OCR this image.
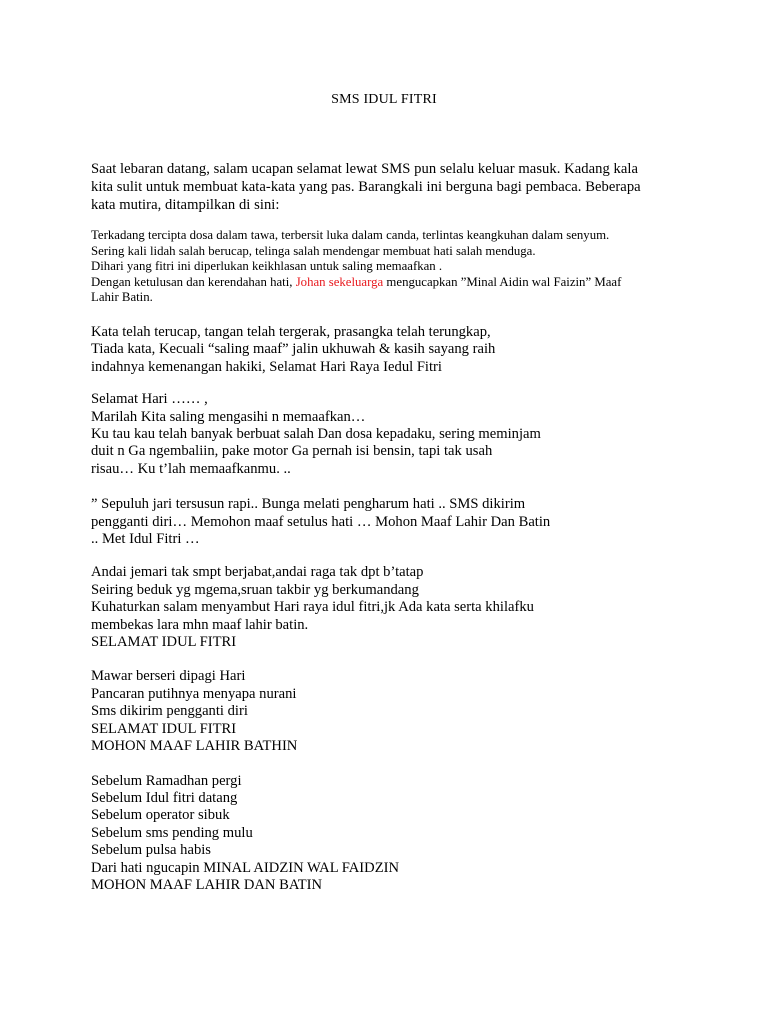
SMS IDUL FITRI

Saat lebaran datang, salam ucapan selamat lewat SMS pun selalu keluar masuk. Kadang kala
kita sulit untuk membuat kata-kata yang pas. Barangkali ini berguna bagi pembaca. Beberapa
kata mutira, ditampilkan di sini:

Terkadang tercipta dosa dalam tawa, terbersit luka dalam canda, terlintas keangkuhan dalam senyum.
Sering kali lidah salah berucap, telinga salah mendengar membuat hati salah menduga.
Dihari yang fitri ini diperlukan keikhlasan untuk saling memaafkan .
Dengan ketulusan dan kerendahan hati, Johan sekeluarga mengucapkan ”Minal Aidin wal Faizin” Maaf
Lahir Batin.

Kata telah terucap, tangan telah tergerak, prasangka telah terungkap,
Tiada kata, Kecuali “saling maaf” jalin ukhuwah & kasih sayang raih
indahnya kemenangan hakiki, Selamat Hari Raya Iedul Fitri

Selamat Hari …… ,
Marilah Kita saling mengasihi n memaafkan…
Ku tau kau telah banyak berbuat salah Dan dosa kepadaku, sering meminjam
duit n Ga ngembaliin, pake motor Ga pernah isi bensin, tapi tak usah
risau… Ku t’lah memaafkanmu. ..

” Sepuluh jari tersusun rapi.. Bunga melati pengharum hati .. SMS dikirim
pengganti diri… Memohon maaf setulus hati … Mohon Maaf Lahir Dan Batin
.. Met Idul Fitri …

Andai jemari tak smpt berjabat,andai raga tak dpt b’tatap
Seiring beduk yg mgema,sruan takbir yg berkumandang
Kuhaturkan salam menyambut Hari raya idul fitri,jk Ada kata serta khilafku
membekas lara mhn maaf lahir batin.
SELAMAT IDUL FITRI

Mawar berseri dipagi Hari
Pancaran putihnya menyapa nurani
Sms dikirim pengganti diri
SELAMAT IDUL FITRI
MOHON MAAF LAHIR BATHIN

Sebelum Ramadhan pergi
Sebelum Idul fitri datang
Sebelum operator sibuk
Sebelum sms pending mulu
Sebelum pulsa habis
Dari hati ngucapin MINAL AIDZIN WAL FAIDZIN
MOHON MAAF LAHIR DAN BATIN
